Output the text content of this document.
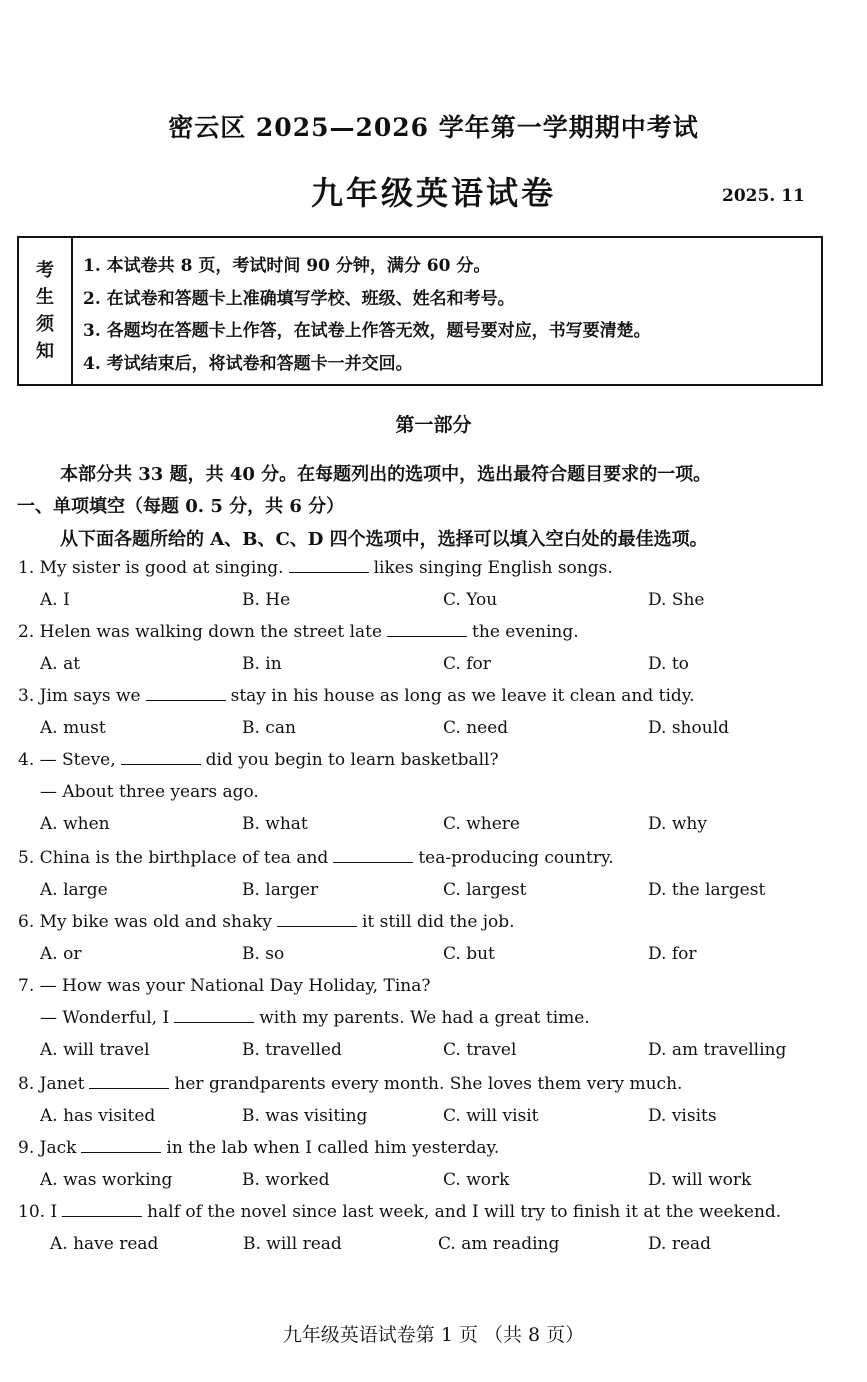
密云区 2025—2026 学年第一学期期中考试
九年级英语试卷	2025. 11
考
生
须
知
1. 本试卷共 8 页，考试时间 90 分钟，满分 60 分。
2. 在试卷和答题卡上准确填写学校、班级、姓名和考号。
3. 各题均在答题卡上作答，在试卷上作答无效，题号要对应，书写要清楚。
4. 考试结束后，将试卷和答题卡一并交回。
第一部分
本部分共 33 题，共 40 分。在每题列出的选项中，选出最符合题目要求的一项。
一、单项填空（每题 0. 5 分，共 6 分）
从下面各题所给的 A、B、C、D 四个选项中，选择可以填入空白处的最佳选项。
1. My sister is good at singing.	likes singing English songs.
A. I	B. He	C. You	D. She
2. Helen was walking down the street late	the evening.
A. at	B. in	C. for	D. to
3. Jim says we	stay in his house as long as we leave it clean and tidy.
A. must	B. can	C. need	D. should
4. — Steve,	did you begin to learn basketball?
— About three years ago.
A. when	B. what	C. where	D. why
5. China is the birthplace of tea and	tea-producing country.
A. large	B. larger	C. largest	D. the largest
6. My bike was old and shaky	it still did the job.
A. or	B. so	C. but	D. for
7. — How was your National Day Holiday, Tina?
— Wonderful, I	with my parents. We had a great time.
A. will travel	B. travelled	C. travel	D. am travelling
8. Janet	her grandparents every month. She loves them very much.
A. has visited	B. was visiting	C. will visit	D. visits
9. Jack	in the lab when I called him yesterday.
A. was working	B. worked	C. work	D. will work
10. I	half of the novel since last week, and I will try to finish it at the weekend.
A. have read	B. will read	C. am reading	D. read
九年级英语试卷第 1 页 （共 8 页）
